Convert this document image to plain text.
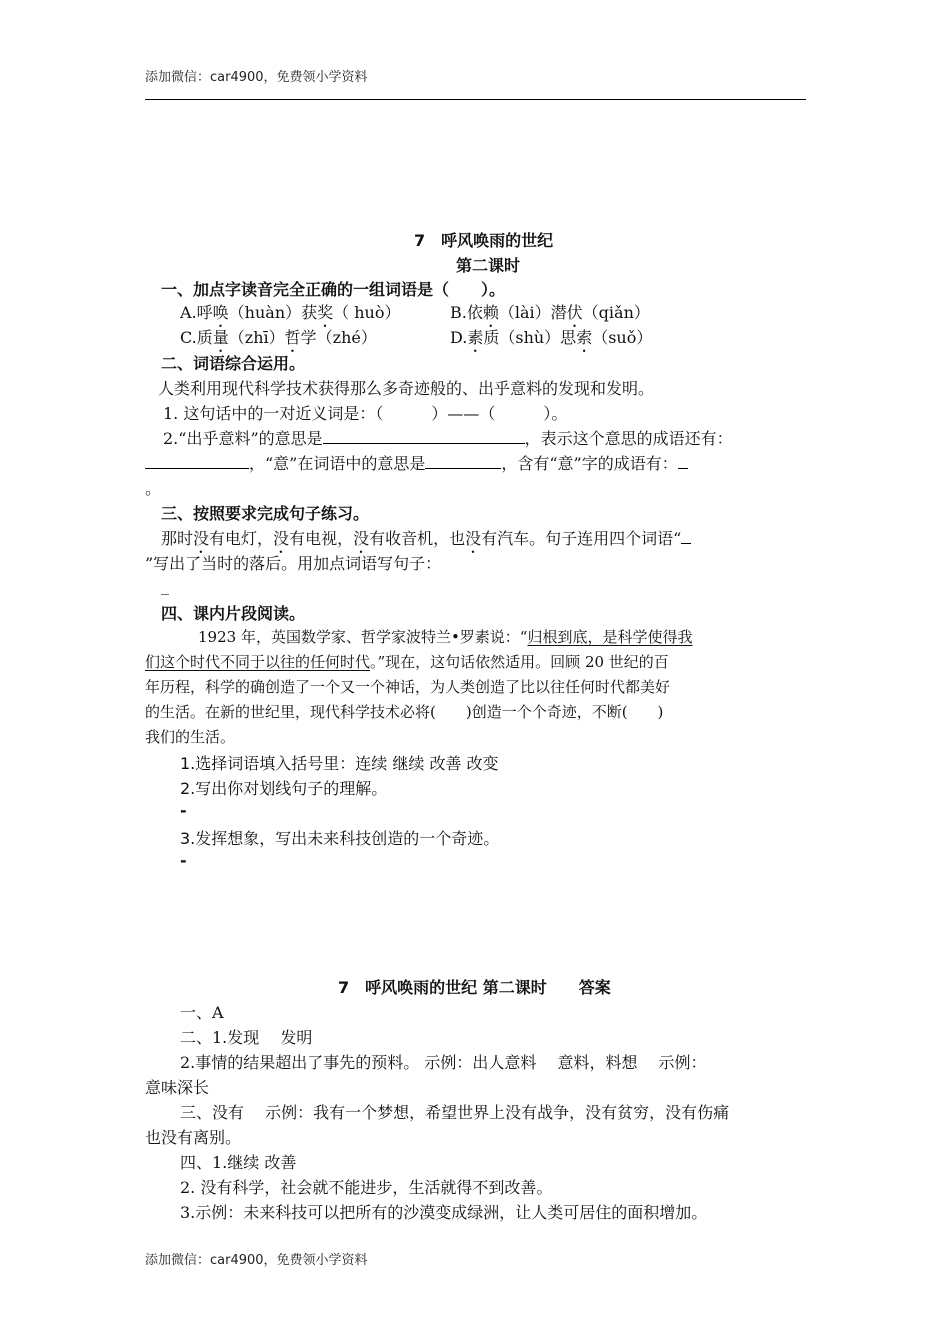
添加微信：car4900，免费领小学资料
7　呼风唤雨的世纪
第二课时
一、加点字读音完全正确的一组词语是（　　）。
A.呼唤（huàn）获奖（ huò）	B.依赖（lài）潜伏（qiǎn）
C.质量（zhī）哲学（zhé）	D.素质（shù）思索（suǒ）
二、词语综合运用。
人类利用现代科学技术获得那么多奇迹般的、出乎意料的发现和发明。
1. 这句话中的一对近义词是：（　　　）——（　　　）。
2.“出乎意料”的意思是	，表示这个意思的成语还有：
，“意”在词语中的意思是	，含有“意”字的成语有：
。
三、按照要求完成句子练习。
那时没有电灯，没有电视，没有收音机，也没有汽车。句子连用四个词语“
”写出了当时的落后。用加点词语写句子：
_
四、课内片段阅读。
1923 年，英国数学家、哲学家波特兰•罗素说：“归根到底，是科学使得我
们这个时代不同于以往的任何时代。”现在，这句话依然适用。回顾 20 世纪的百
年历程，科学的确创造了一个又一个神话，为人类创造了比以往任何时代都美好
的生活。在新的世纪里，现代科学技术必将(　　)创造一个个奇迹，不断(　　)
我们的生活。
1.选择词语填入括号里：连续 继续 改善 改变
2.写出你对划线句子的理解。
-
3.发挥想象，写出未来科技创造的一个奇迹。
-
7　呼风唤雨的世纪 第二课时　　答案
一、A
二、1.发现　 发明
2.事情的结果超出了事先的预料。 示例：出人意料　 意料，料想　 示例：
意味深长
三、没有　 示例：我有一个梦想，希望世界上没有战争，没有贫穷，没有伤痛
也没有离别。
四、1.继续 改善
2. 没有科学，社会就不能进步，生活就得不到改善。
3.示例：未来科技可以把所有的沙漠变成绿洲，让人类可居住的面积增加。
添加微信：car4900，免费领小学资料
